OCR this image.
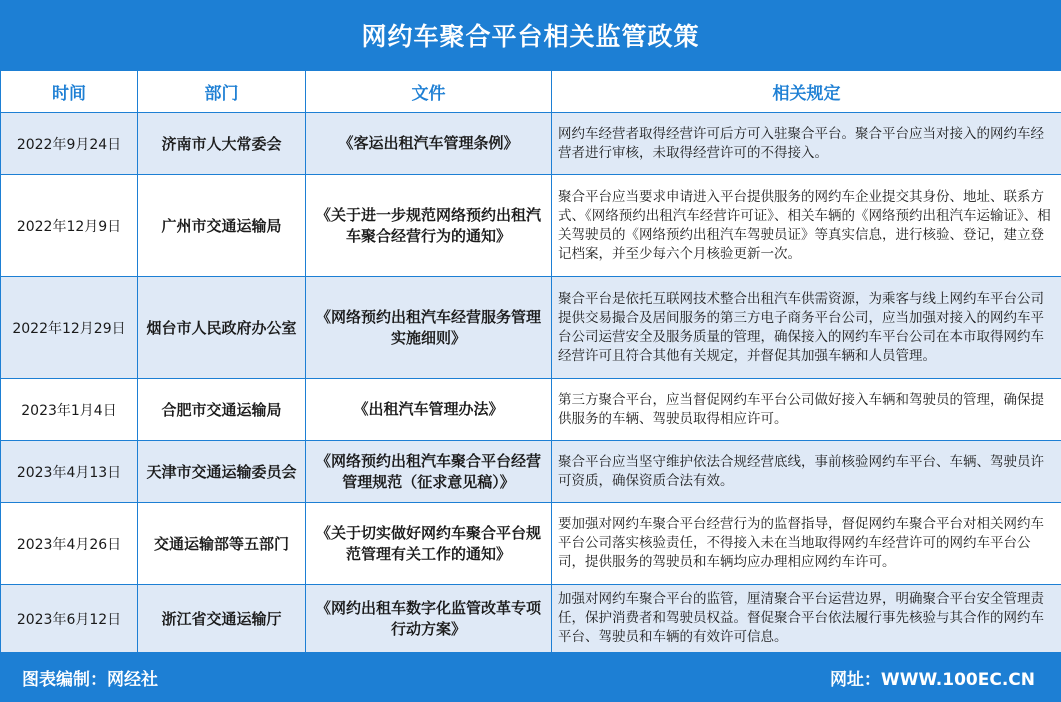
网约车聚合平台相关监管政策
时间	部门	文件	相关规定
2022年9月24日	济南市人大常委会	《客运出租汽车管理条例》	网约车经营者取得经营许可后方可入驻聚合平台。聚合平台应当对接入的网约车经营者进行审核，未取得经营许可的不得接入。
2022年12月9日	广州市交通运输局	《关于进一步规范网络预约出租汽车聚合经营行为的通知》	聚合平台应当要求申请进入平台提供服务的网约车企业提交其身份、地址、联系方式、《网络预约出租汽车经营许可证》、相关车辆的《网络预约出租汽车运输证》、相关驾驶员的《网络预约出租汽车驾驶员证》等真实信息，进行核验、登记，建立登记档案，并至少每六个月核验更新一次。
2022年12月29日	烟台市人民政府办公室	《网络预约出租汽车经营服务管理实施细则》	聚合平台是依托互联网技术整合出租汽车供需资源，为乘客与线上网约车平台公司提供交易撮合及居间服务的第三方电子商务平台公司，应当加强对接入的网约车平台公司运营安全及服务质量的管理，确保接入的网约车平台公司在本市取得网约车经营许可且符合其他有关规定，并督促其加强车辆和人员管理。
2023年1月4日	合肥市交通运输局	《出租汽车管理办法》	第三方聚合平台，应当督促网约车平台公司做好接入车辆和驾驶员的管理，确保提供服务的车辆、驾驶员取得相应许可。
2023年4月13日	天津市交通运输委员会	《网络预约出租汽车聚合平台经营管理规范（征求意见稿）》	聚合平台应当坚守维护依法合规经营底线，事前核验网约车平台、车辆、驾驶员许可资质，确保资质合法有效。
2023年4月26日	交通运输部等五部门	《关于切实做好网约车聚合平台规范管理有关工作的通知》	要加强对网约车聚合平台经营行为的监督指导，督促网约车聚合平台对相关网约车平台公司落实核验责任，不得接入未在当地取得网约车经营许可的网约车平台公司，提供服务的驾驶员和车辆均应办理相应网约车许可。
2023年6月12日	浙江省交通运输厅	《网约出租车数字化监管改革专项行动方案》	加强对网约车聚合平台的监管，厘清聚合平台运营边界，明确聚合平台安全管理责任，保护消费者和驾驶员权益。督促聚合平台依法履行事先核验与其合作的网约车平台、驾驶员和车辆的有效许可信息。
图表编制：网经社	网址：WWW.100EC.CN
